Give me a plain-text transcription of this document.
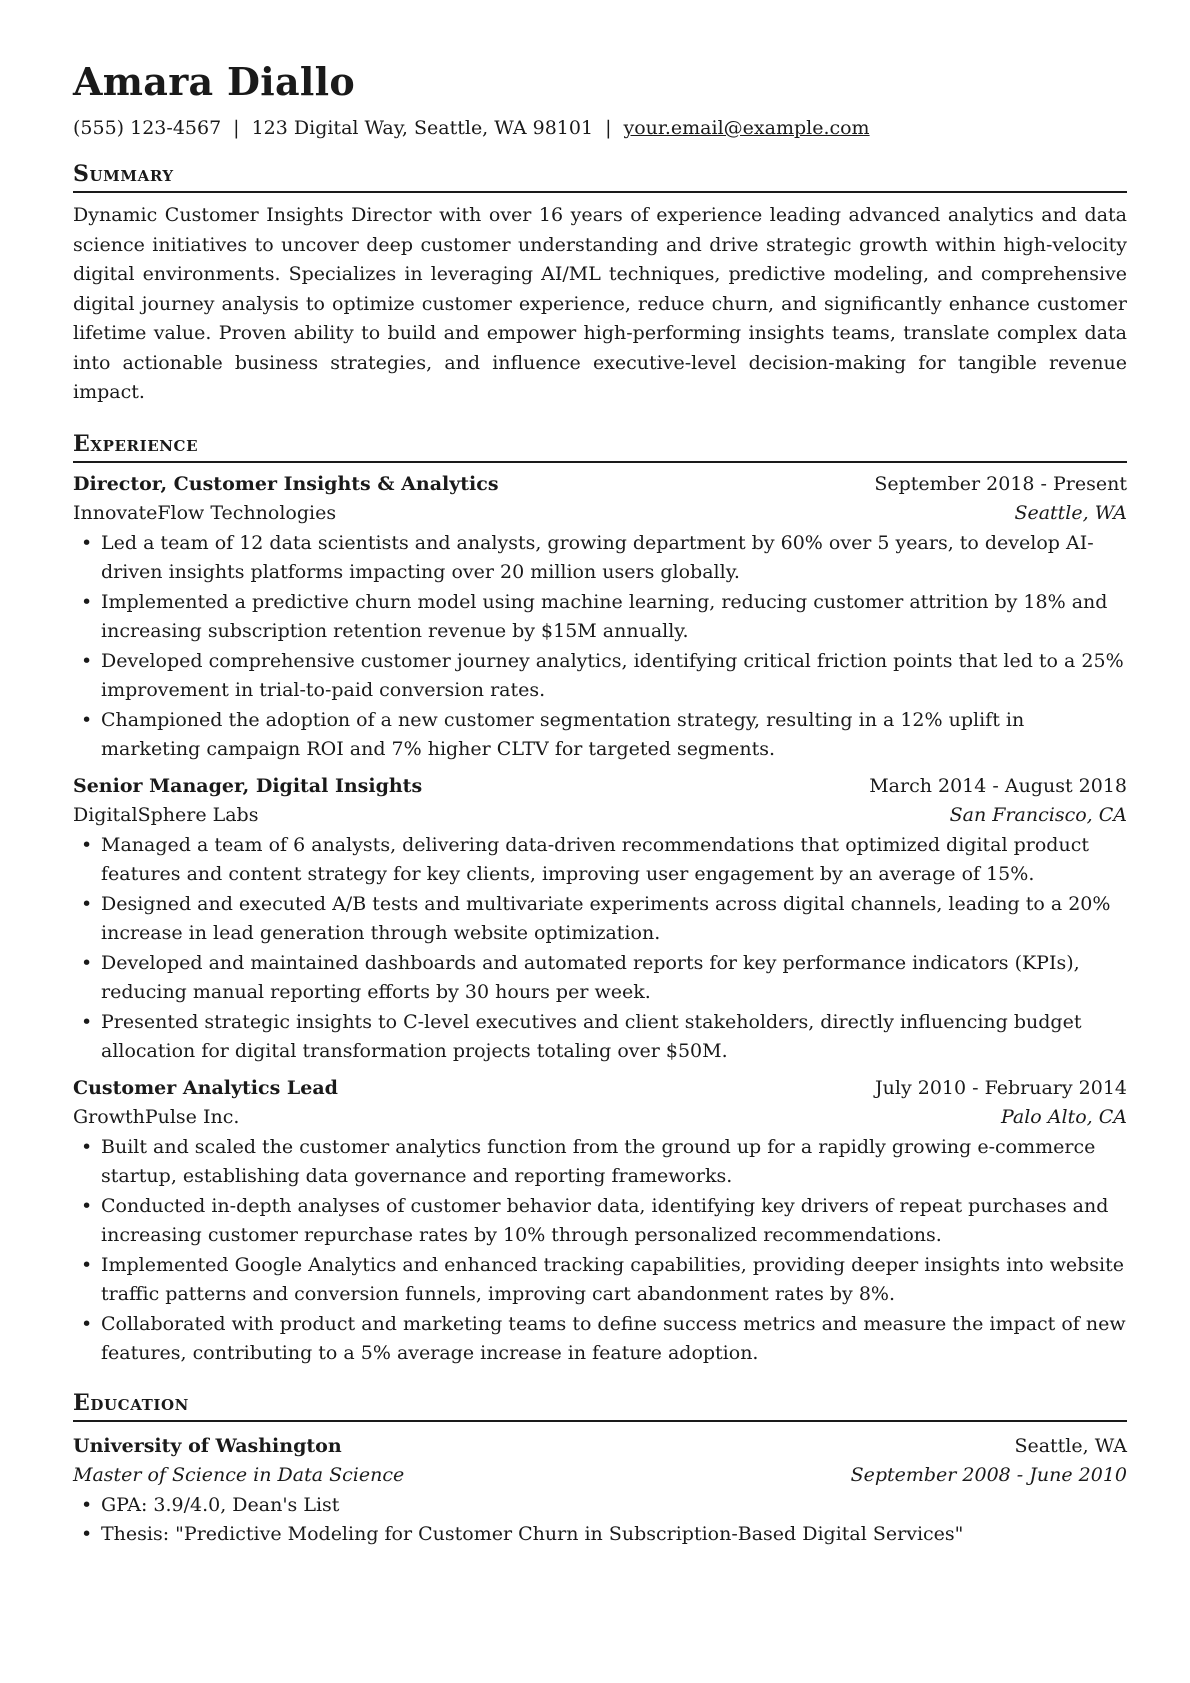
Amara Diallo
(555) 123-4567 | 123 Digital Way, Seattle, WA 98101 | your.email@example.com
Summary

Dynamic Customer Insights Director with over 16 years of experience leading advanced analytics and data science initiatives to uncover deep customer understanding and drive strategic growth within high-velocity digital environments. Specializes in leveraging AI/ML techniques, predictive modeling, and comprehensive digital journey analysis to optimize customer experience, reduce churn, and significantly enhance customer lifetime value. Proven ability to build and empower high-performing insights teams, translate complex data into actionable business strategies, and influence executive-level decision-making for tangible revenue impact.

Experience
Director, Customer Insights & Analytics	September 2018 - Present
InnovateFlow Technologies	Seattle, WA
• Led a team of 12 data scientists and analysts, growing department by 60% over 5 years, to develop AI-driven insights platforms impacting over 20 million users globally.
• Implemented a predictive churn model using machine learning, reducing customer attrition by 18% and increasing subscription retention revenue by $15M annually.
• Developed comprehensive customer journey analytics, identifying critical friction points that led to a 25% improvement in trial-to-paid conversion rates.
• Championed the adoption of a new customer segmentation strategy, resulting in a 12% uplift in marketing campaign ROI and 7% higher CLTV for targeted segments.
Senior Manager, Digital Insights	March 2014 - August 2018
DigitalSphere Labs	San Francisco, CA
• Managed a team of 6 analysts, delivering data-driven recommendations that optimized digital product features and content strategy for key clients, improving user engagement by an average of 15%.
• Designed and executed A/B tests and multivariate experiments across digital channels, leading to a 20% increase in lead generation through website optimization.
• Developed and maintained dashboards and automated reports for key performance indicators (KPIs), reducing manual reporting efforts by 30 hours per week.
• Presented strategic insights to C-level executives and client stakeholders, directly influencing budget allocation for digital transformation projects totaling over $50M.
Customer Analytics Lead	July 2010 - February 2014
GrowthPulse Inc.	Palo Alto, CA
• Built and scaled the customer analytics function from the ground up for a rapidly growing e-commerce startup, establishing data governance and reporting frameworks.
• Conducted in-depth analyses of customer behavior data, identifying key drivers of repeat purchases and increasing customer repurchase rates by 10% through personalized recommendations.
• Implemented Google Analytics and enhanced tracking capabilities, providing deeper insights into website traffic patterns and conversion funnels, improving cart abandonment rates by 8%.
• Collaborated with product and marketing teams to define success metrics and measure the impact of new features, contributing to a 5% average increase in feature adoption.
Education
University of Washington	Seattle, WA
Master of Science in Data Science	September 2008 - June 2010
• GPA: 3.9/4.0, Dean's List
• Thesis: "Predictive Modeling for Customer Churn in Subscription-Based Digital Services"
